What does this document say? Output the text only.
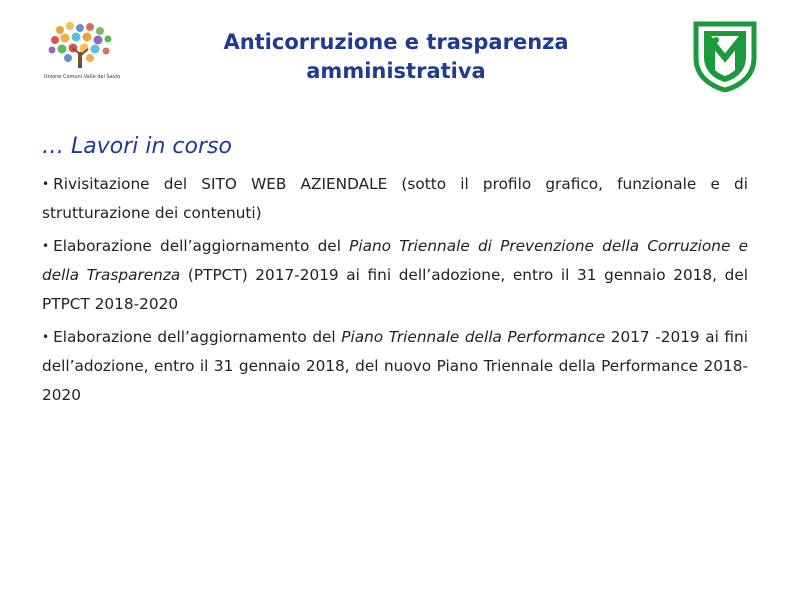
Unione Comuni Valle del Savio
Anticorruzione e trasparenza
amministrativa
… Lavori in corso

• Rivisitazione del SITO WEB AZIENDALE (sotto il profilo grafico, funzionale e di strutturazione dei contenuti)

• Elaborazione dell’aggiornamento del Piano Triennale di Prevenzione della Corruzione e della Trasparenza (PTPCT) 2017-2019 ai fini dell’adozione, entro il 31 gennaio 2018, del PTPCT 2018-2020

• Elaborazione dell’aggiornamento del Piano Triennale della Performance 2017 -2019 ai fini dell’adozione, entro il 31 gennaio 2018, del nuovo Piano Triennale della Performance 2018-2020
